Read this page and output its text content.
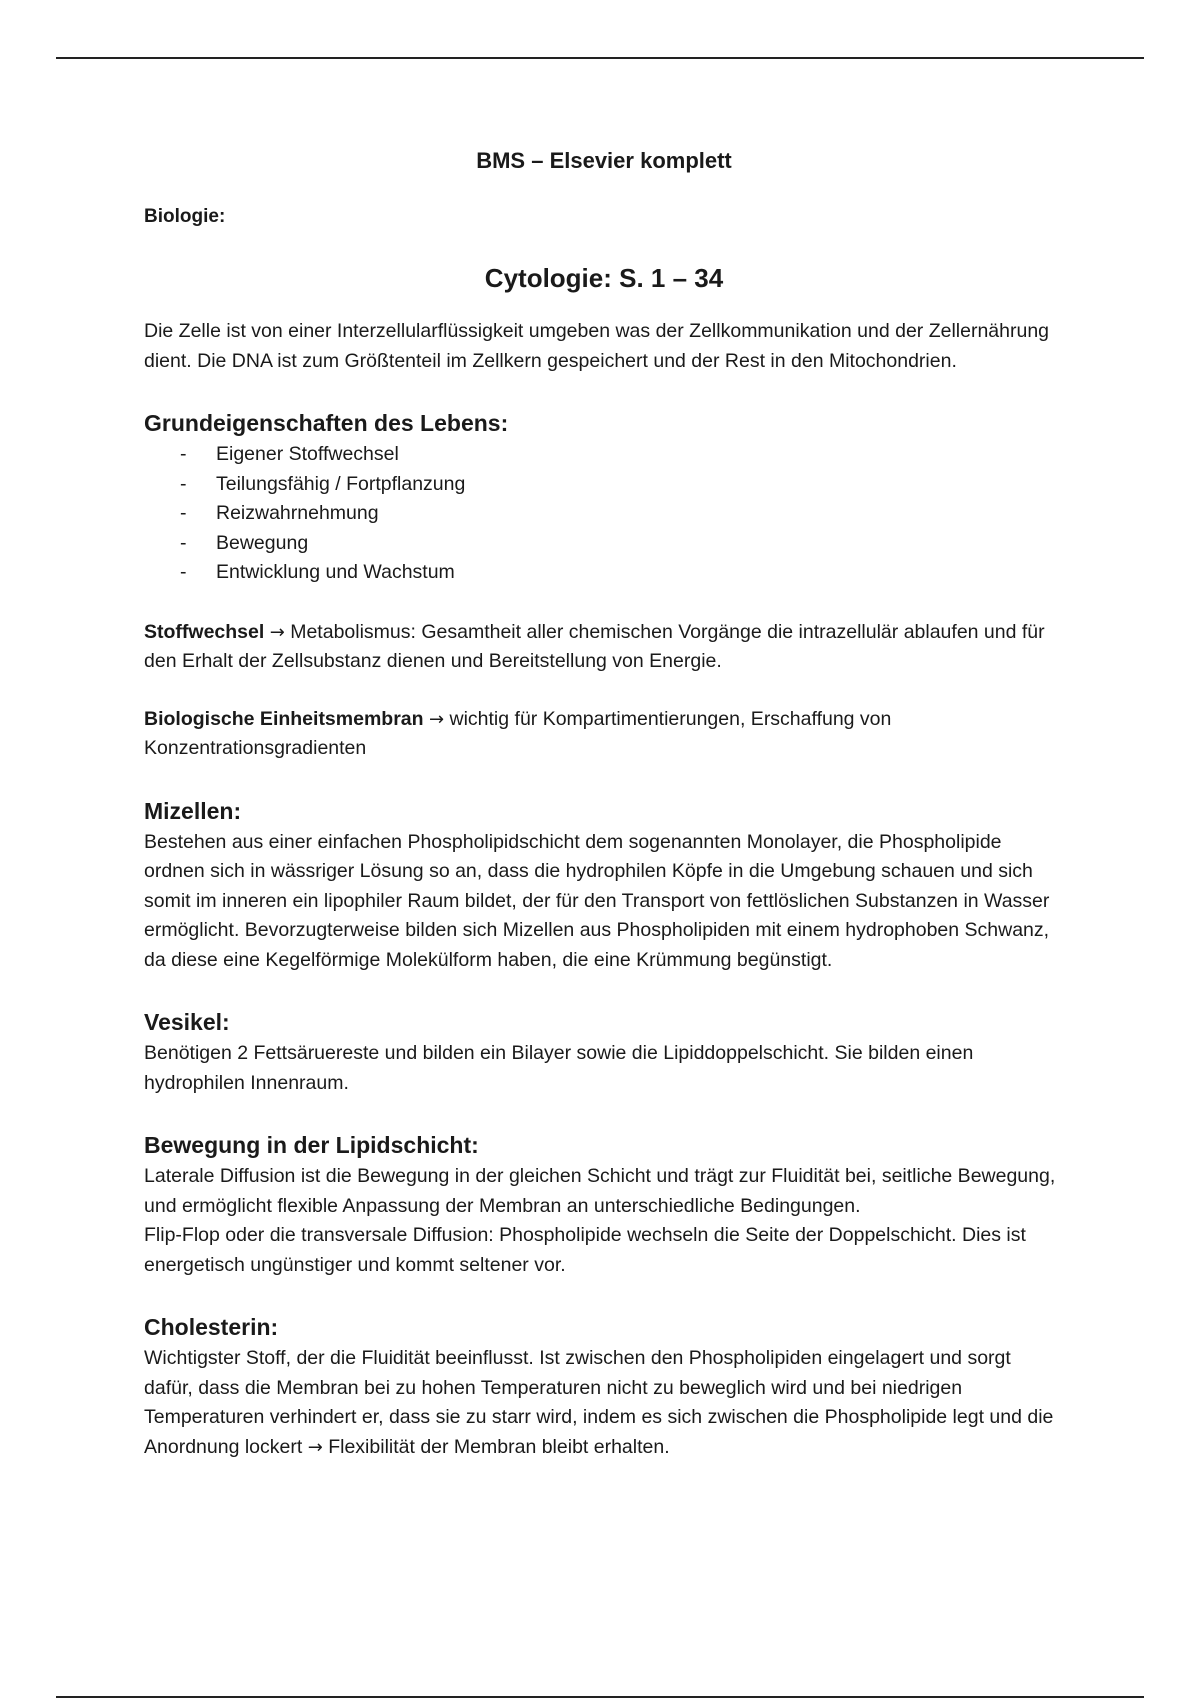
BMS – Elsevier komplett
Biologie:
Cytologie: S. 1 – 34

Die Zelle ist von einer Interzellularflüssigkeit umgeben was der Zellkommunikation und der Zellernährung dient. Die DNA ist zum Größtenteil im Zellkern gespeichert und der Rest in den Mitochondrien.

Grundeigenschaften des Lebens:
- Eigener Stoffwechsel
- Teilungsfähig / Fortpflanzung
- Reizwahrnehmung
- Bewegung
- Entwicklung und Wachstum

Stoffwechsel → Metabolismus: Gesamtheit aller chemischen Vorgänge die intrazellulär ablaufen und für den Erhalt der Zellsubstanz dienen und Bereitstellung von Energie.

Biologische Einheitsmembran → wichtig für Kompartimentierungen, Erschaffung von Konzentrationsgradienten

Mizellen:

Bestehen aus einer einfachen Phospholipidschicht dem sogenannten Monolayer, die Phospholipide ordnen sich in wässriger Lösung so an, dass die hydrophilen Köpfe in die Umgebung schauen und sich somit im inneren ein lipophiler Raum bildet, der für den Transport von fettlöslichen Substanzen in Wasser ermöglicht. Bevorzugterweise bilden sich Mizellen aus Phospholipiden mit einem hydrophoben Schwanz, da diese eine Kegelförmige Molekülform haben, die eine Krümmung begünstigt.

Vesikel:

Benötigen 2 Fettsäruereste und bilden ein Bilayer sowie die Lipiddoppelschicht. Sie bilden einen hydrophilen Innenraum.

Bewegung in der Lipidschicht:

Laterale Diffusion ist die Bewegung in der gleichen Schicht und trägt zur Fluidität bei, seitliche Bewegung, und ermöglicht flexible Anpassung der Membran an unterschiedliche Bedingungen.

Flip-Flop oder die transversale Diffusion: Phospholipide wechseln die Seite der Doppelschicht. Dies ist energetisch ungünstiger und kommt seltener vor.

Cholesterin:

Wichtigster Stoff, der die Fluidität beeinflusst. Ist zwischen den Phospholipiden eingelagert und sorgt dafür, dass die Membran bei zu hohen Temperaturen nicht zu beweglich wird und bei niedrigen Temperaturen verhindert er, dass sie zu starr wird, indem es sich zwischen die Phospholipide legt und die Anordnung lockert → Flexibilität der Membran bleibt erhalten.
